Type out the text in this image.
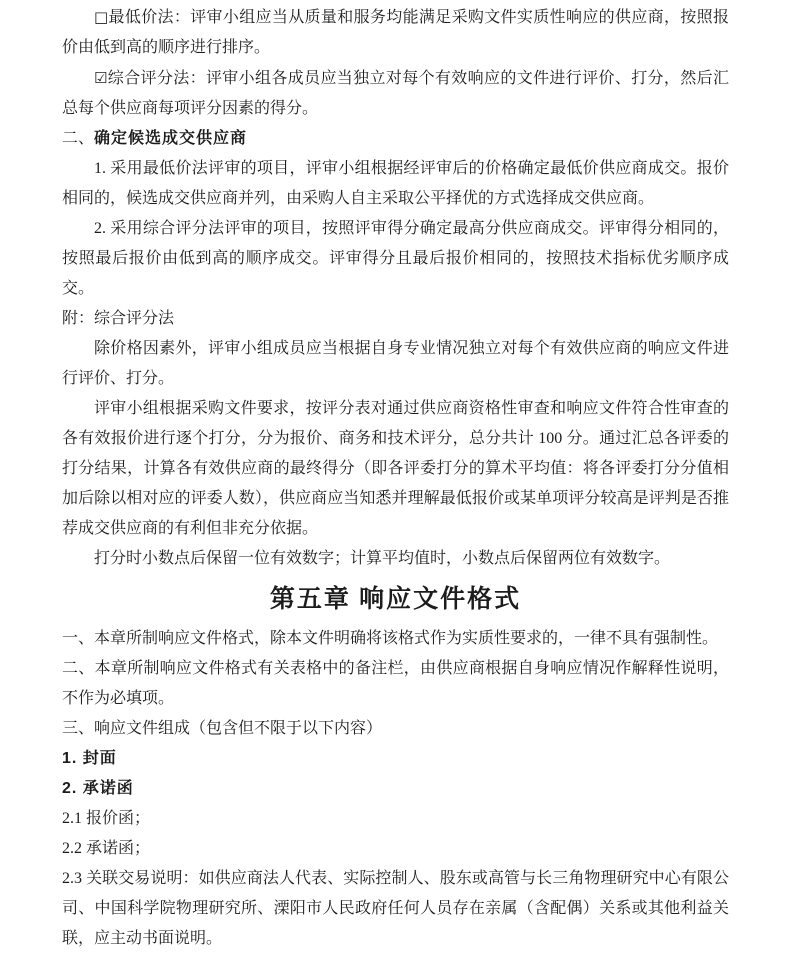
□最低价法：评审小组应当从质量和服务均能满足采购文件实质性响应的供应商，按照报价由低到高的顺序进行排序。

☑综合评分法：评审小组各成员应当独立对每个有效响应的文件进行评价、打分，然后汇总每个供应商每项评分因素的得分。

二、确定候选成交供应商

1. 采用最低价法评审的项目，评审小组根据经评审后的价格确定最低价供应商成交。报价相同的，候选成交供应商并列，由采购人自主采取公平择优的方式选择成交供应商。

2. 采用综合评分法评审的项目，按照评审得分确定最高分供应商成交。评审得分相同的，按照最后报价由低到高的顺序成交。评审得分且最后报价相同的，按照技术指标优劣顺序成交。

附：综合评分法

除价格因素外，评审小组成员应当根据自身专业情况独立对每个有效供应商的响应文件进行评价、打分。

评审小组根据采购文件要求，按评分表对通过供应商资格性审查和响应文件符合性审查的各有效报价进行逐个打分，分为报价、商务和技术评分，总分共计 100 分。通过汇总各评委的打分结果，计算各有效供应商的最终得分（即各评委打分的算术平均值：将各评委打分分值相加后除以相对应的评委人数），供应商应当知悉并理解最低报价或某单项评分较高是评判是否推荐成交供应商的有利但非充分依据。

打分时小数点后保留一位有效数字；计算平均值时，小数点后保留两位有效数字。

第五章 响应文件格式

一、本章所制响应文件格式，除本文件明确将该格式作为实质性要求的，一律不具有强制性。

二、本章所制响应文件格式有关表格中的备注栏，由供应商根据自身响应情况作解释性说明，不作为必填项。

三、响应文件组成（包含但不限于以下内容）

1. 封面

2. 承诺函

2.1 报价函；

2.2 承诺函；

2.3 关联交易说明：如供应商法人代表、实际控制人、股东或高管与长三角物理研究中心有限公司、中国科学院物理研究所、溧阳市人民政府任何人员存在亲属（含配偶）关系或其他利益关联，应主动书面说明。
